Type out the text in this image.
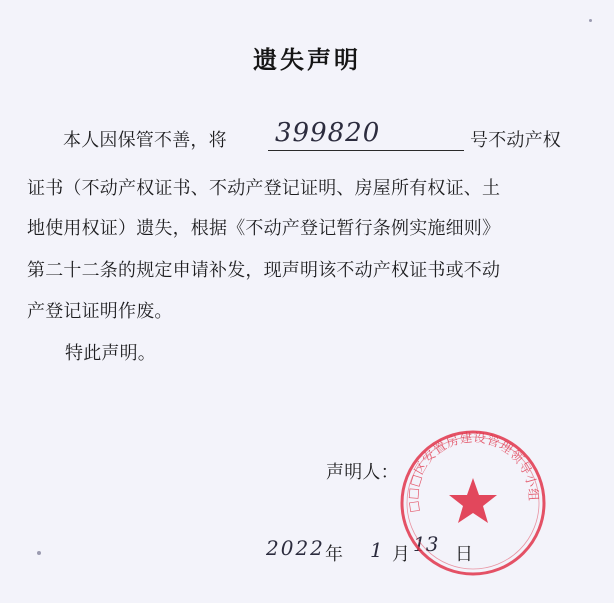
遗失声明
本人因保管不善，将 399820	号不动产权
证书（不动产权证书、不动产登记证明、房屋所有权证、土
地使用权证）遗失，根据《不动产登记暂行条例实施细则》
第二十二条的规定申请补发，现声明该不动产权证书或不动
产登记证明作废。
特此声明。
声明人：
2022 年 1 月 13 日
□□□区安置房建设管理领导小组
